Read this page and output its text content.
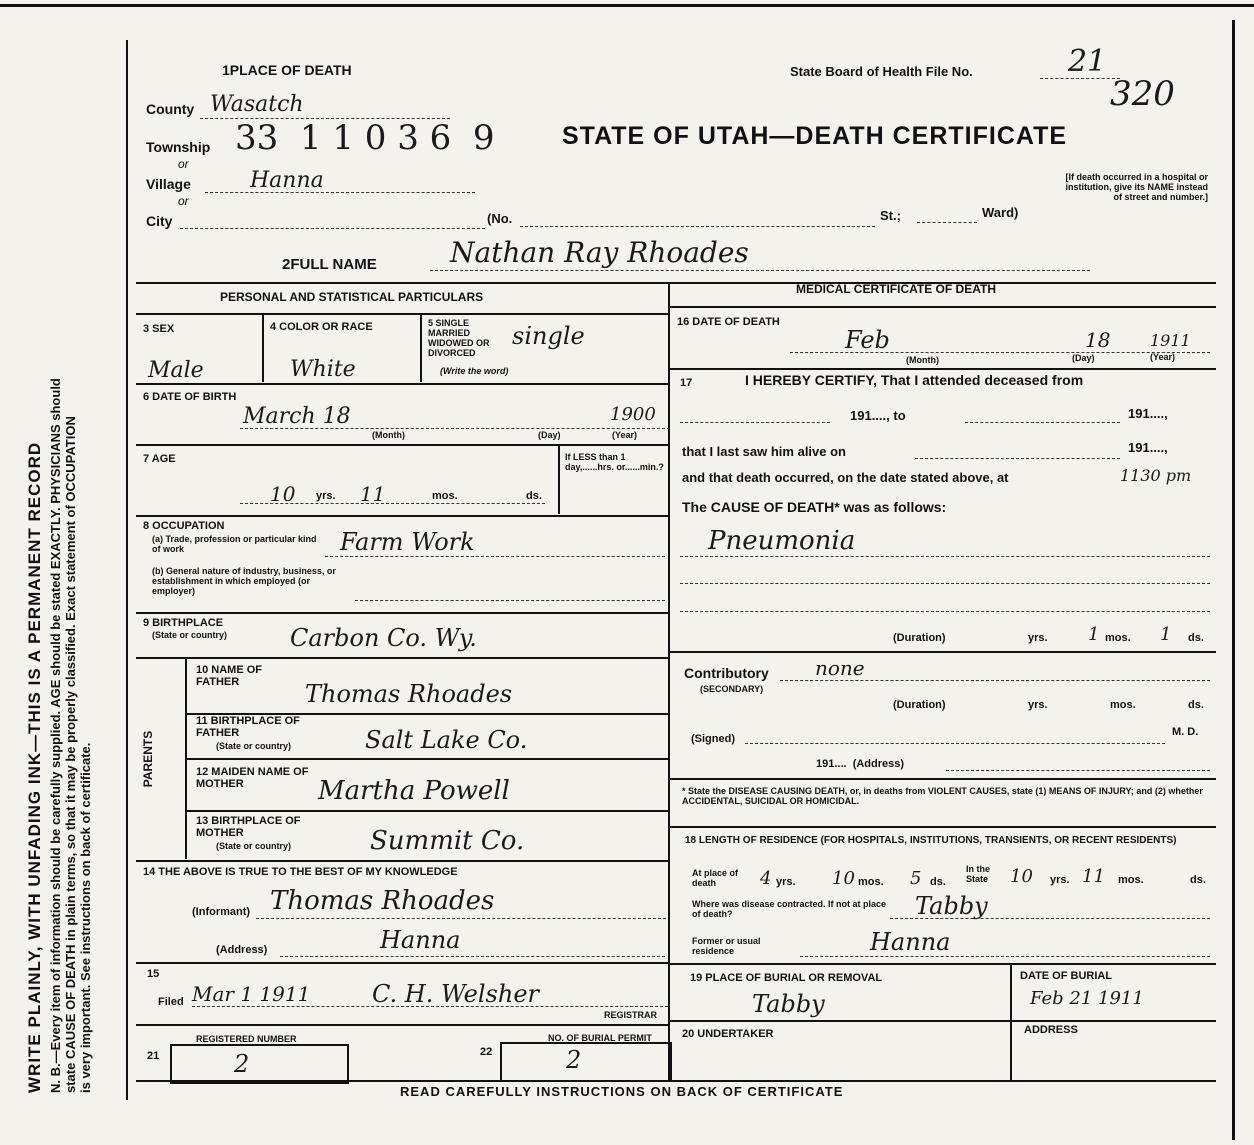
WRITE PLAINLY, WITH UNFADING INK—THIS IS A PERMANENT RECORD N. B.—Every item of information should be carefully supplied. AGE should be stated EXACTLY. PHYSICIANS should state CAUSE OF DEATH in plain terms, so that it may be properly classified. Exact statement of OCCUPATION is very important. See instructions on back of certificate.
1PLACE OF DEATH	State Board of Health File No.	21
320
County Wasatch
Township 33  1 1 0 3 6  9	STATE OF UTAH—DEATH CERTIFICATE
or
Village	Hanna
or
City	(No.	St.;	Ward)
[If death occurred in a hospital or institution, give its NAME instead of street and number.]
2FULL NAME	Nathan Ray Rhoades
PERSONAL AND STATISTICAL PARTICULARS
MEDICAL CERTIFICATE OF DEATH
3 SEX
Male
4 COLOR OR RACE
White
5 SINGLE MARRIED WIDOWED OR DIVORCED
(Write the word)
single
6 DATE OF BIRTH
March 18	1900
(Month)	(Day)	(Year)
7 AGE
10 yrs. 11	mos.	ds.
If LESS than 1 day,......hrs. or......min.?
8 OCCUPATION
(a) Trade, profession or particular kind of work	Farm Work
(b) General nature of industry, business, or establishment in which employed (or employer)
9 BIRTHPLACE
(State or country)	Carbon Co. Wy.
PARENTS
10 NAME OF FATHER	Thomas Rhoades
11 BIRTHPLACE OF FATHER
(State or country)	Salt Lake Co.
12 MAIDEN NAME OF MOTHER	Martha Powell
13 BIRTHPLACE OF MOTHER
(State or country)	Summit Co.
14 THE ABOVE IS TRUE TO THE BEST OF MY KNOWLEDGE
(Informant) Thomas Rhoades
(Address)	Hanna
15
Filed Mar 1 1911	C. H. Welsher
REGISTRAR
REGISTERED NUMBER
21	2
NO. OF BURIAL PERMIT
22	2
16 DATE OF DEATH
Feb	18 1911
(Month)	(Day)	(Year)
17	I HEREBY CERTIFY, That I attended deceased from
191...., to	191....,
that I last saw him alive on	191....,
and that death occurred, on the date stated above, at	1130 pm
The CAUSE OF DEATH* was as follows:
Pneumonia
(Duration)	yrs. 1 mos. 1 ds.
Contributory
(SECONDARY)
none
(Duration)	yrs.	mos.	ds.
(Signed)
M. D.
191....  (Address)
* State the DISEASE CAUSING DEATH, or, in deaths from VIOLENT CAUSES, state (1) MEANS OF INJURY; and (2) whether ACCIDENTAL, SUICIDAL OR HOMICIDAL.
18 LENGTH OF RESIDENCE (FOR HOSPITALS, INSTITUTIONS, TRANSIENTS, OR RECENT RESIDENTS)
At place of death	4 yrs. 10 mos. 5 ds.
In the State	10 yrs. 11 mos.	ds.
Where was disease contracted. If not at place of death?	Tabby
Former or usual residence	Hanna
19 PLACE OF BURIAL OR REMOVAL
Tabby
DATE OF BURIAL
Feb 21 1911
20 UNDERTAKER	ADDRESS
READ CAREFULLY INSTRUCTIONS ON BACK OF CERTIFICATE
